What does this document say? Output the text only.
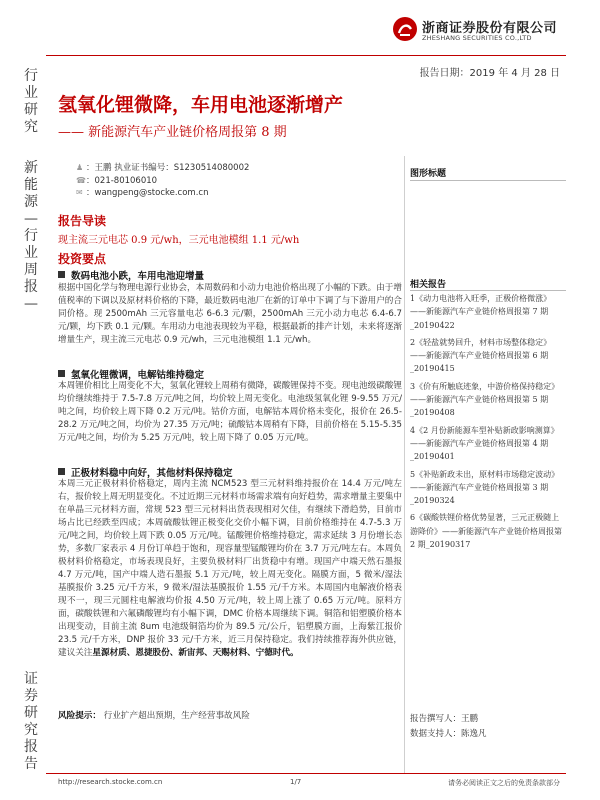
浙商证券股份有限公司
ZHESHANG SECURITIES CO.,LTD
行
业
研
究
新
能
源
—
行
业
周
报
—
证
券
研
究
报
告
报告日期：2019 年 4 月 28 日
氢氧化锂微降，车用电池逐渐增产
—— 新能源汽车产业链价格周报第 8 期
♟ ：王鹏 执业证书编号：S1230514080002
☎：021-80106010
✉ ：wangpeng@stocke.com.cn
报告导读
现主流三元电芯 0.9 元/wh，三元电池模组 1.1 元/wh
投资要点
数码电池小跌，车用电池迎增量
根据中国化学与物理电源行业协会，本周数码和小动力电池价格出现了小幅的下跌。由于增值税率的下调以及原材料价格的下降，最近数码电池厂在新的订单中下调了与下游用户的合同价格。现 2500mAh 三元容量电芯 6-6.3 元/颗，2500mAh 三元小动力电芯 6.4-6.7 元/颗，均下跌 0.1 元/颗。车用动力电池表现较为平稳，根据最新的排产计划，未来将逐渐增量生产，现主流三元电芯 0.9 元/wh，三元电池模组 1.1 元/wh。
氢氧化锂微调，电解钴维持稳定
本周锂价相比上周变化不大，氢氧化锂较上周稍有微降，碳酸锂保持不变。现电池级碳酸锂均价继续维持于 7.5-7.8 万元/吨之间，均价较上周无变化。电池级氢氧化锂 9-9.55 万元/吨之间，均价较上周下降 0.2 万元/吨。钴价方面，电解钴本周价格未变化，报价在 26.5-28.2 万元/吨之间，均价为 27.35 万元/吨；硫酸钴本周稍有下降，目前价格在 5.15-5.35 万元/吨之间，均价为 5.25 万元/吨，较上周下降了 0.05 万元/吨。
正极材料稳中向好，其他材料保持稳定
本周三元正极材料价格稳定，周内主流 NCM523 型三元材料维持报价在 14.4 万元/吨左右，报价较上周无明显变化。不过近期三元材料市场需求端有向好趋势，需求增量主要集中在单晶三元材料方面，常规 523 型三元材料出货表现相对欠佳，有继续下滑趋势，目前市场占比已经跌至四成；本周硫酸钛锂正极变化交价小幅下调，目前价格维持在 4.7-5.3 万元/吨之间，均价较上周下跌 0.05 万元/吨。锰酸锂价格维持稳定，需求延续 3 月份增长态势，多数厂家表示 4 月份订单趋于饱和，现容量型锰酸锂均价在 3.7 万元/吨左右。本周负极材料价格稳定，市场表现良好，主要负极材料厂出货稳中有增。现国产中端天然石墨报 4.7 万元/吨，国产中端人造石墨报 5.1 万元/吨，较上周无变化。隔膜方面，5 微米/湿法基膜报价 3.25 元/千方米，9 微米/湿法基膜报价 1.55 元/千方米。本周国内电解液价格表现不一，现三元圆柱电解液均价报 4.50 万元/吨，较上周上涨了 0.65 万元/吨。原料方面，碳酸铁锂和六氟磷酸锂均有小幅下调，DMC 价格本周继续下调。铜箔和铝塑膜价格本出现变动，目前主流 8um 电池级铜箔均价为 89.5 元/公斤，铝塑膜方面，上海紫江报价 23.5 元/千方米，DNP 报价 33 元/千方米，近三月保持稳定。我们持续推荐海外供应链，建议关注星源材质、恩捷股份、新宙邦、天赐材料、宁德时代。
风险提示： 行业扩产超出预期，生产经营事故风险
图形标题
相关报告
1《动力电池将入旺季，正极价格微涨》——新能源汽车产业链价格周报第 7 期_20190422
2《轻盐就势回升，材料市场整体稳定》——新能源汽车产业链价格周报第 6 期_20190415
3《价有所触底迹象，中游价格保持稳定》——新能源汽车产业链价格周报第 5 期_20190408
4《2 月份新能源车型补贴新政影响测算》——新能源汽车产业链价格周报第 4 期_20190401
5《补贴新政未出，原材料市场稳定波动》——新能源汽车产业链价格周报第 3 期_20190324
6《碳酸铁锂价格优势显著，三元正极随上游降价》——新能源汽车产业链价格周报第 2 期_20190317
报告撰写人：王鹏
数据支持人：陈逸凡
http://research.stocke.com.cn	1/7	请务必阅读正文之后的免责条款部分
